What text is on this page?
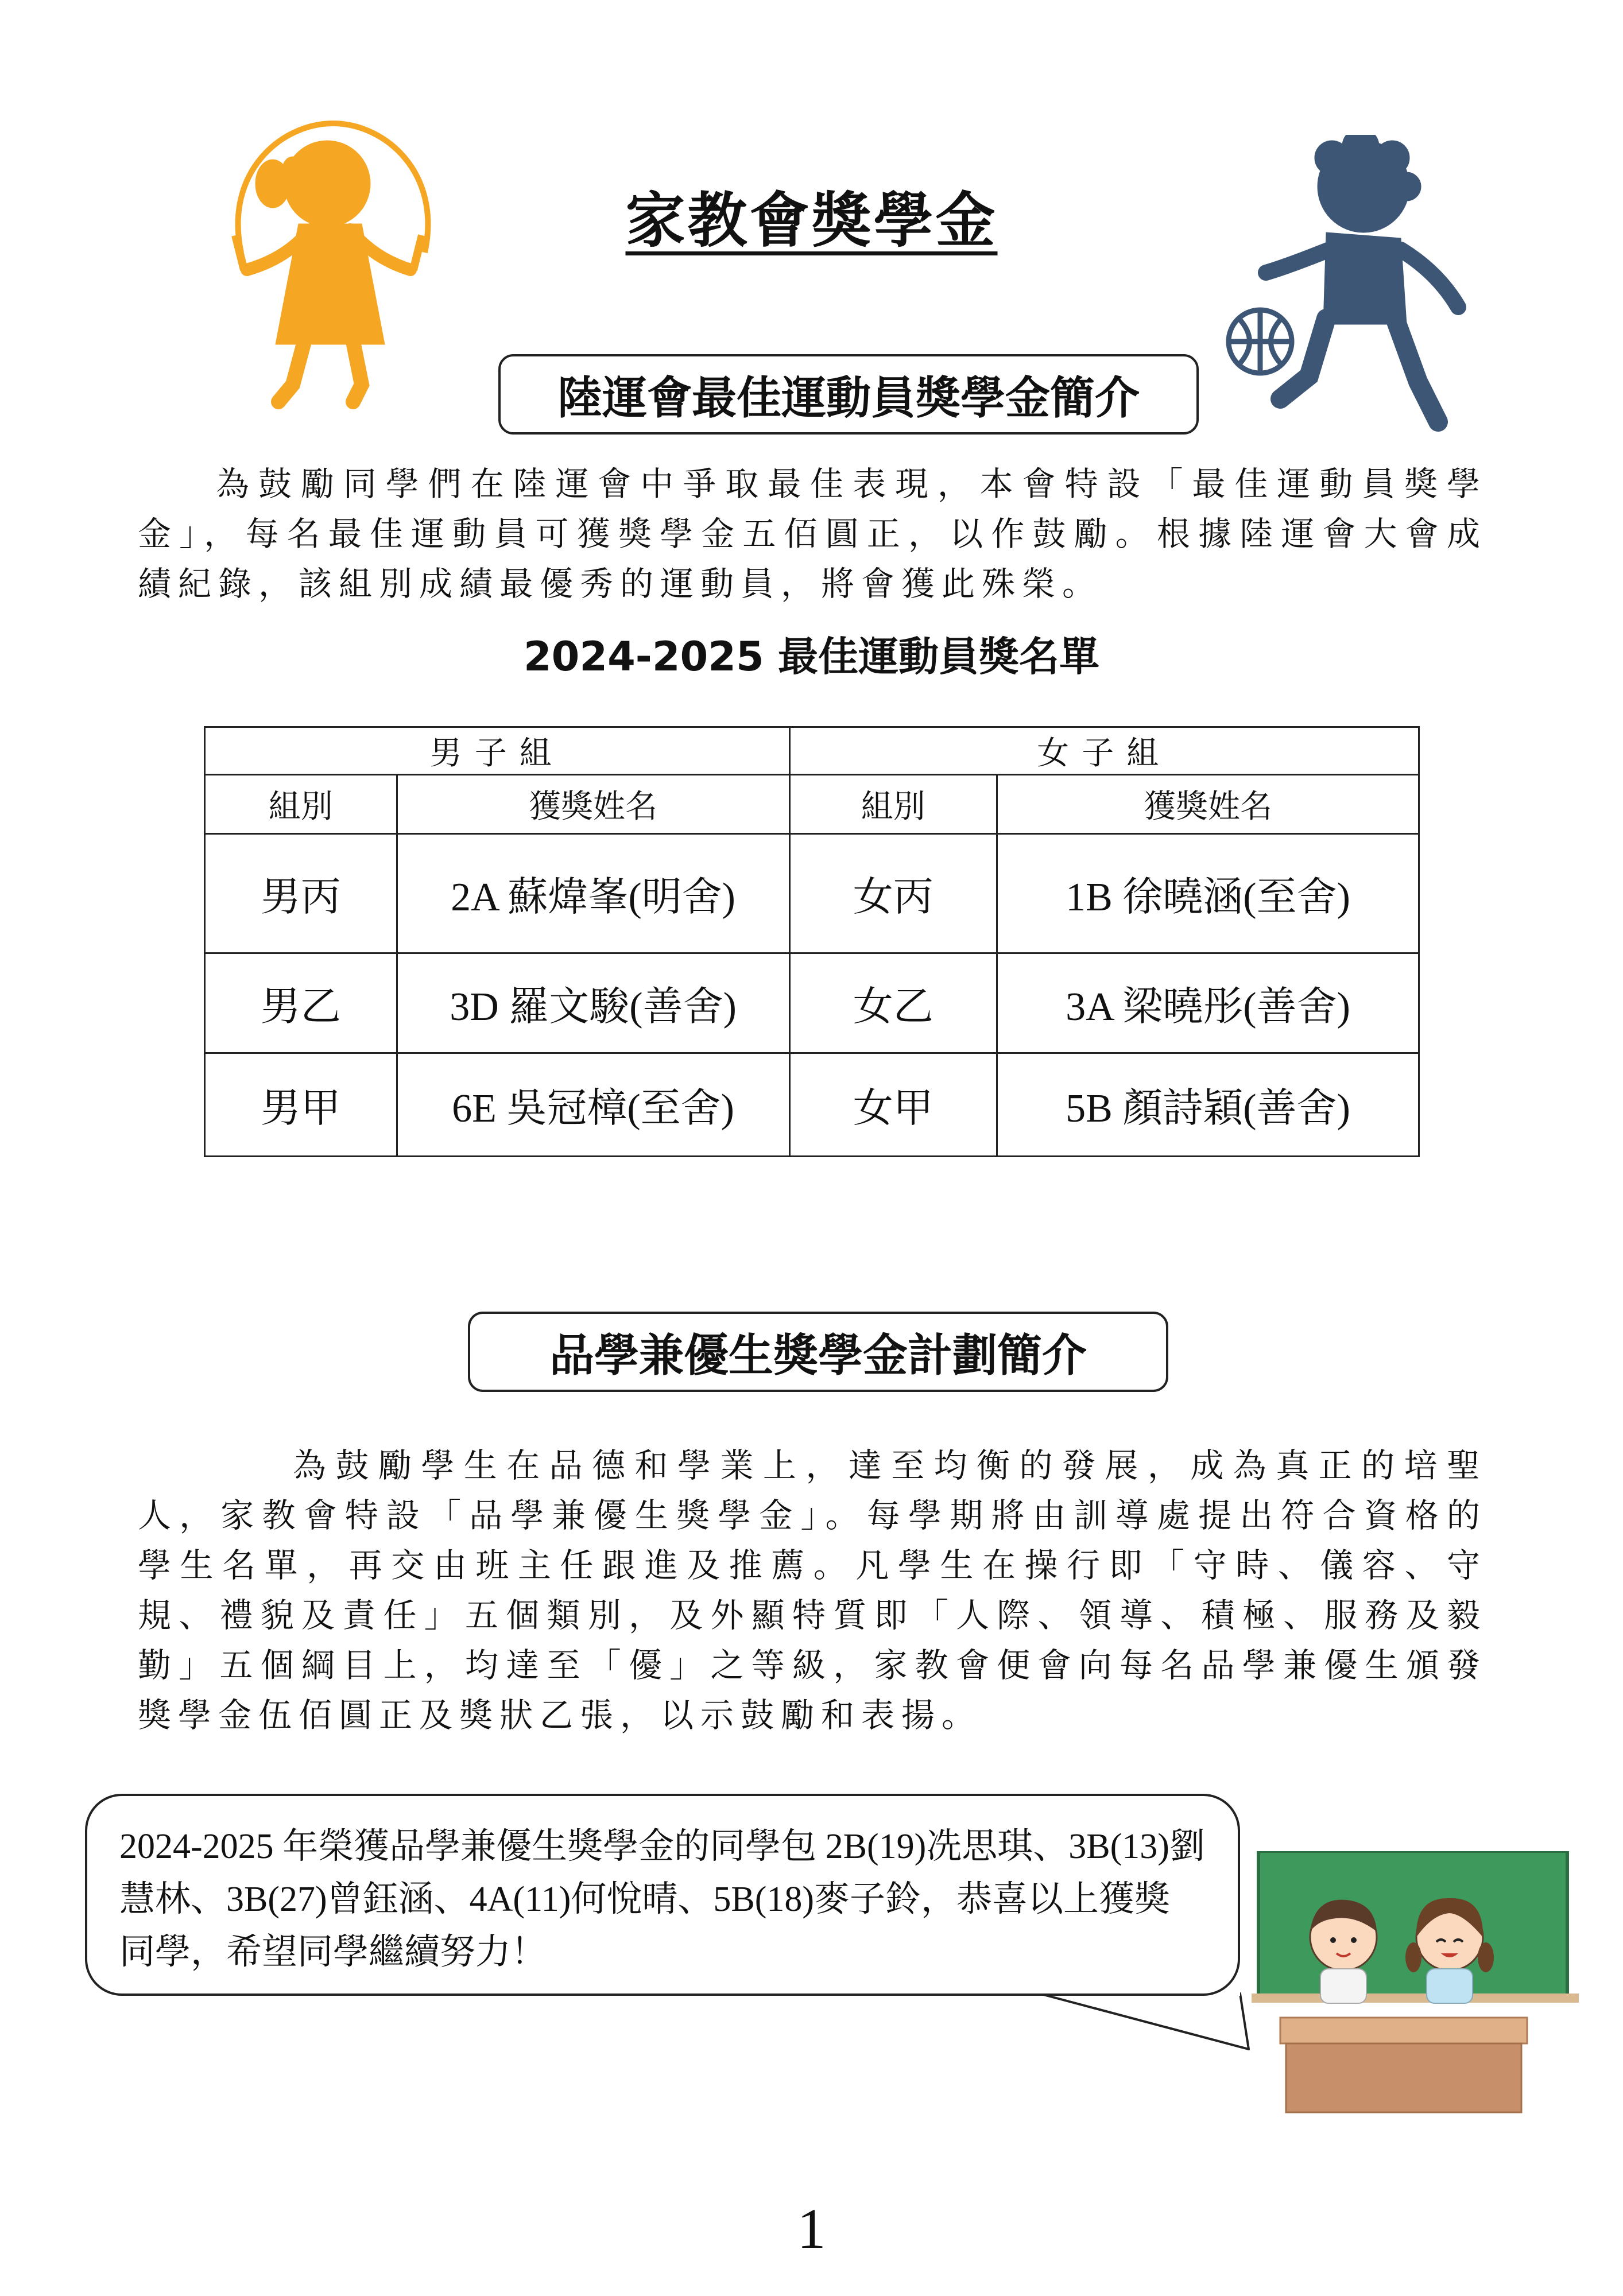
家教會獎學金
陸運會最佳運動員獎學金簡介
為鼓勵同學們在陸運會中爭取最佳表現，本會特設「最佳運動員獎學金」，每名最佳運動員可獲獎學金五佰圓正，以作鼓勵。根據陸運會大會成績紀錄，該組別成績最優秀的運動員，將會獲此殊榮。
2024-2025 最佳運動員獎名單
男子組		女子組	
組別	獲獎姓名	組別	獲獎姓名
男丙	2A 蘇煒峯(明舍)	女丙	1B 徐曉涵(至舍)
男乙	3D 羅文駿(善舍)	女乙	3A 梁曉彤(善舍)
男甲	6E 吳冠樟(至舍)	女甲	5B 顏詩穎(善舍)
品學兼優生獎學金計劃簡介
為鼓勵學生在品德和學業上，達至均衡的發展，成為真正的培聖人，家教會特設「品學兼優生獎學金」。每學期將由訓導處提出符合資格的學生名單，再交由班主任跟進及推薦。凡學生在操行即「守時、儀容、守規、禮貌及責任」五個類別，及外顯特質即「人際、領導、積極、服務及毅勤」五個綱目上，均達至「優」之等級，家教會便會向每名品學兼優生頒發獎學金伍佰圓正及獎狀乙張，以示鼓勵和表揚。
2024-2025 年榮獲品學兼優生獎學金的同學包 2B(19)冼思琪、3B(13)劉慧林、3B(27)曾鈺涵、4A(11)何悅晴、5B(18)麥子鈴，恭喜以上獲獎同學，希望同學繼續努力！
1
